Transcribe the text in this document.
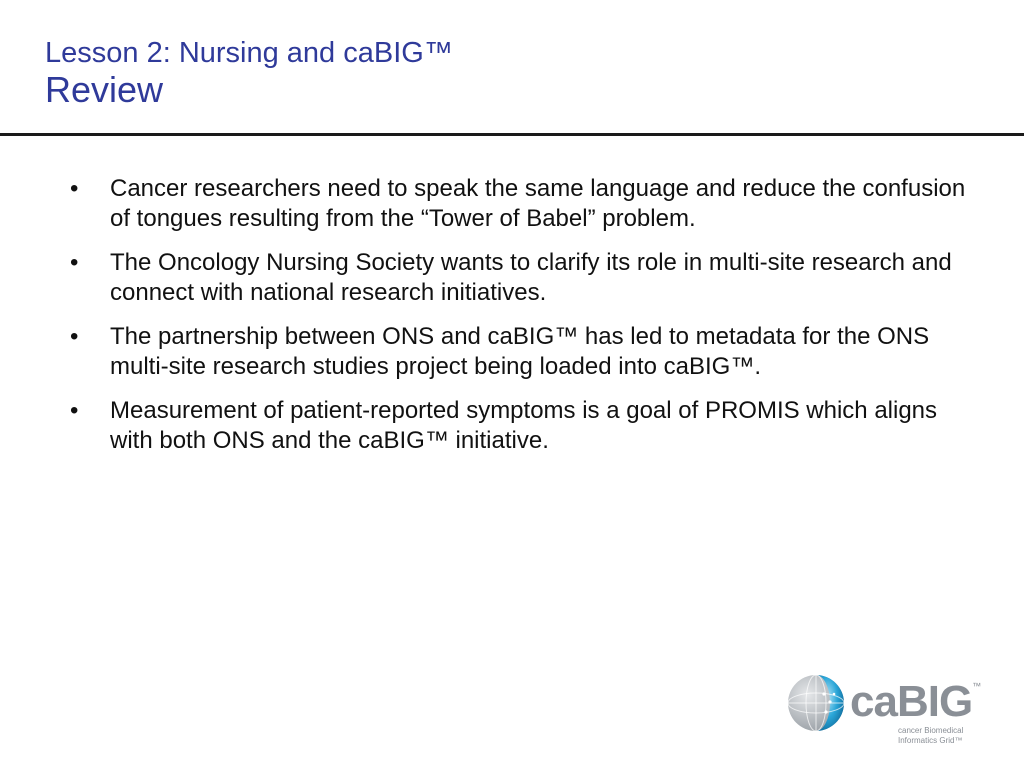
Lesson 2: Nursing and caBIG™
Review
•	Cancer researchers need to speak the same language and reduce the confusion of tongues resulting from the “Tower of Babel” problem.
•	The Oncology Nursing Society wants to clarify its role in multi-site research and connect with national research initiatives.
•	The partnership between ONS and caBIG™ has led to metadata for the ONS multi-site research studies project being loaded into caBIG™.
•	Measurement of patient-reported symptoms is a goal of PROMIS which aligns with both ONS and the caBIG™ initiative.
caBIG™
cancer Biomedical
Informatics Grid™
